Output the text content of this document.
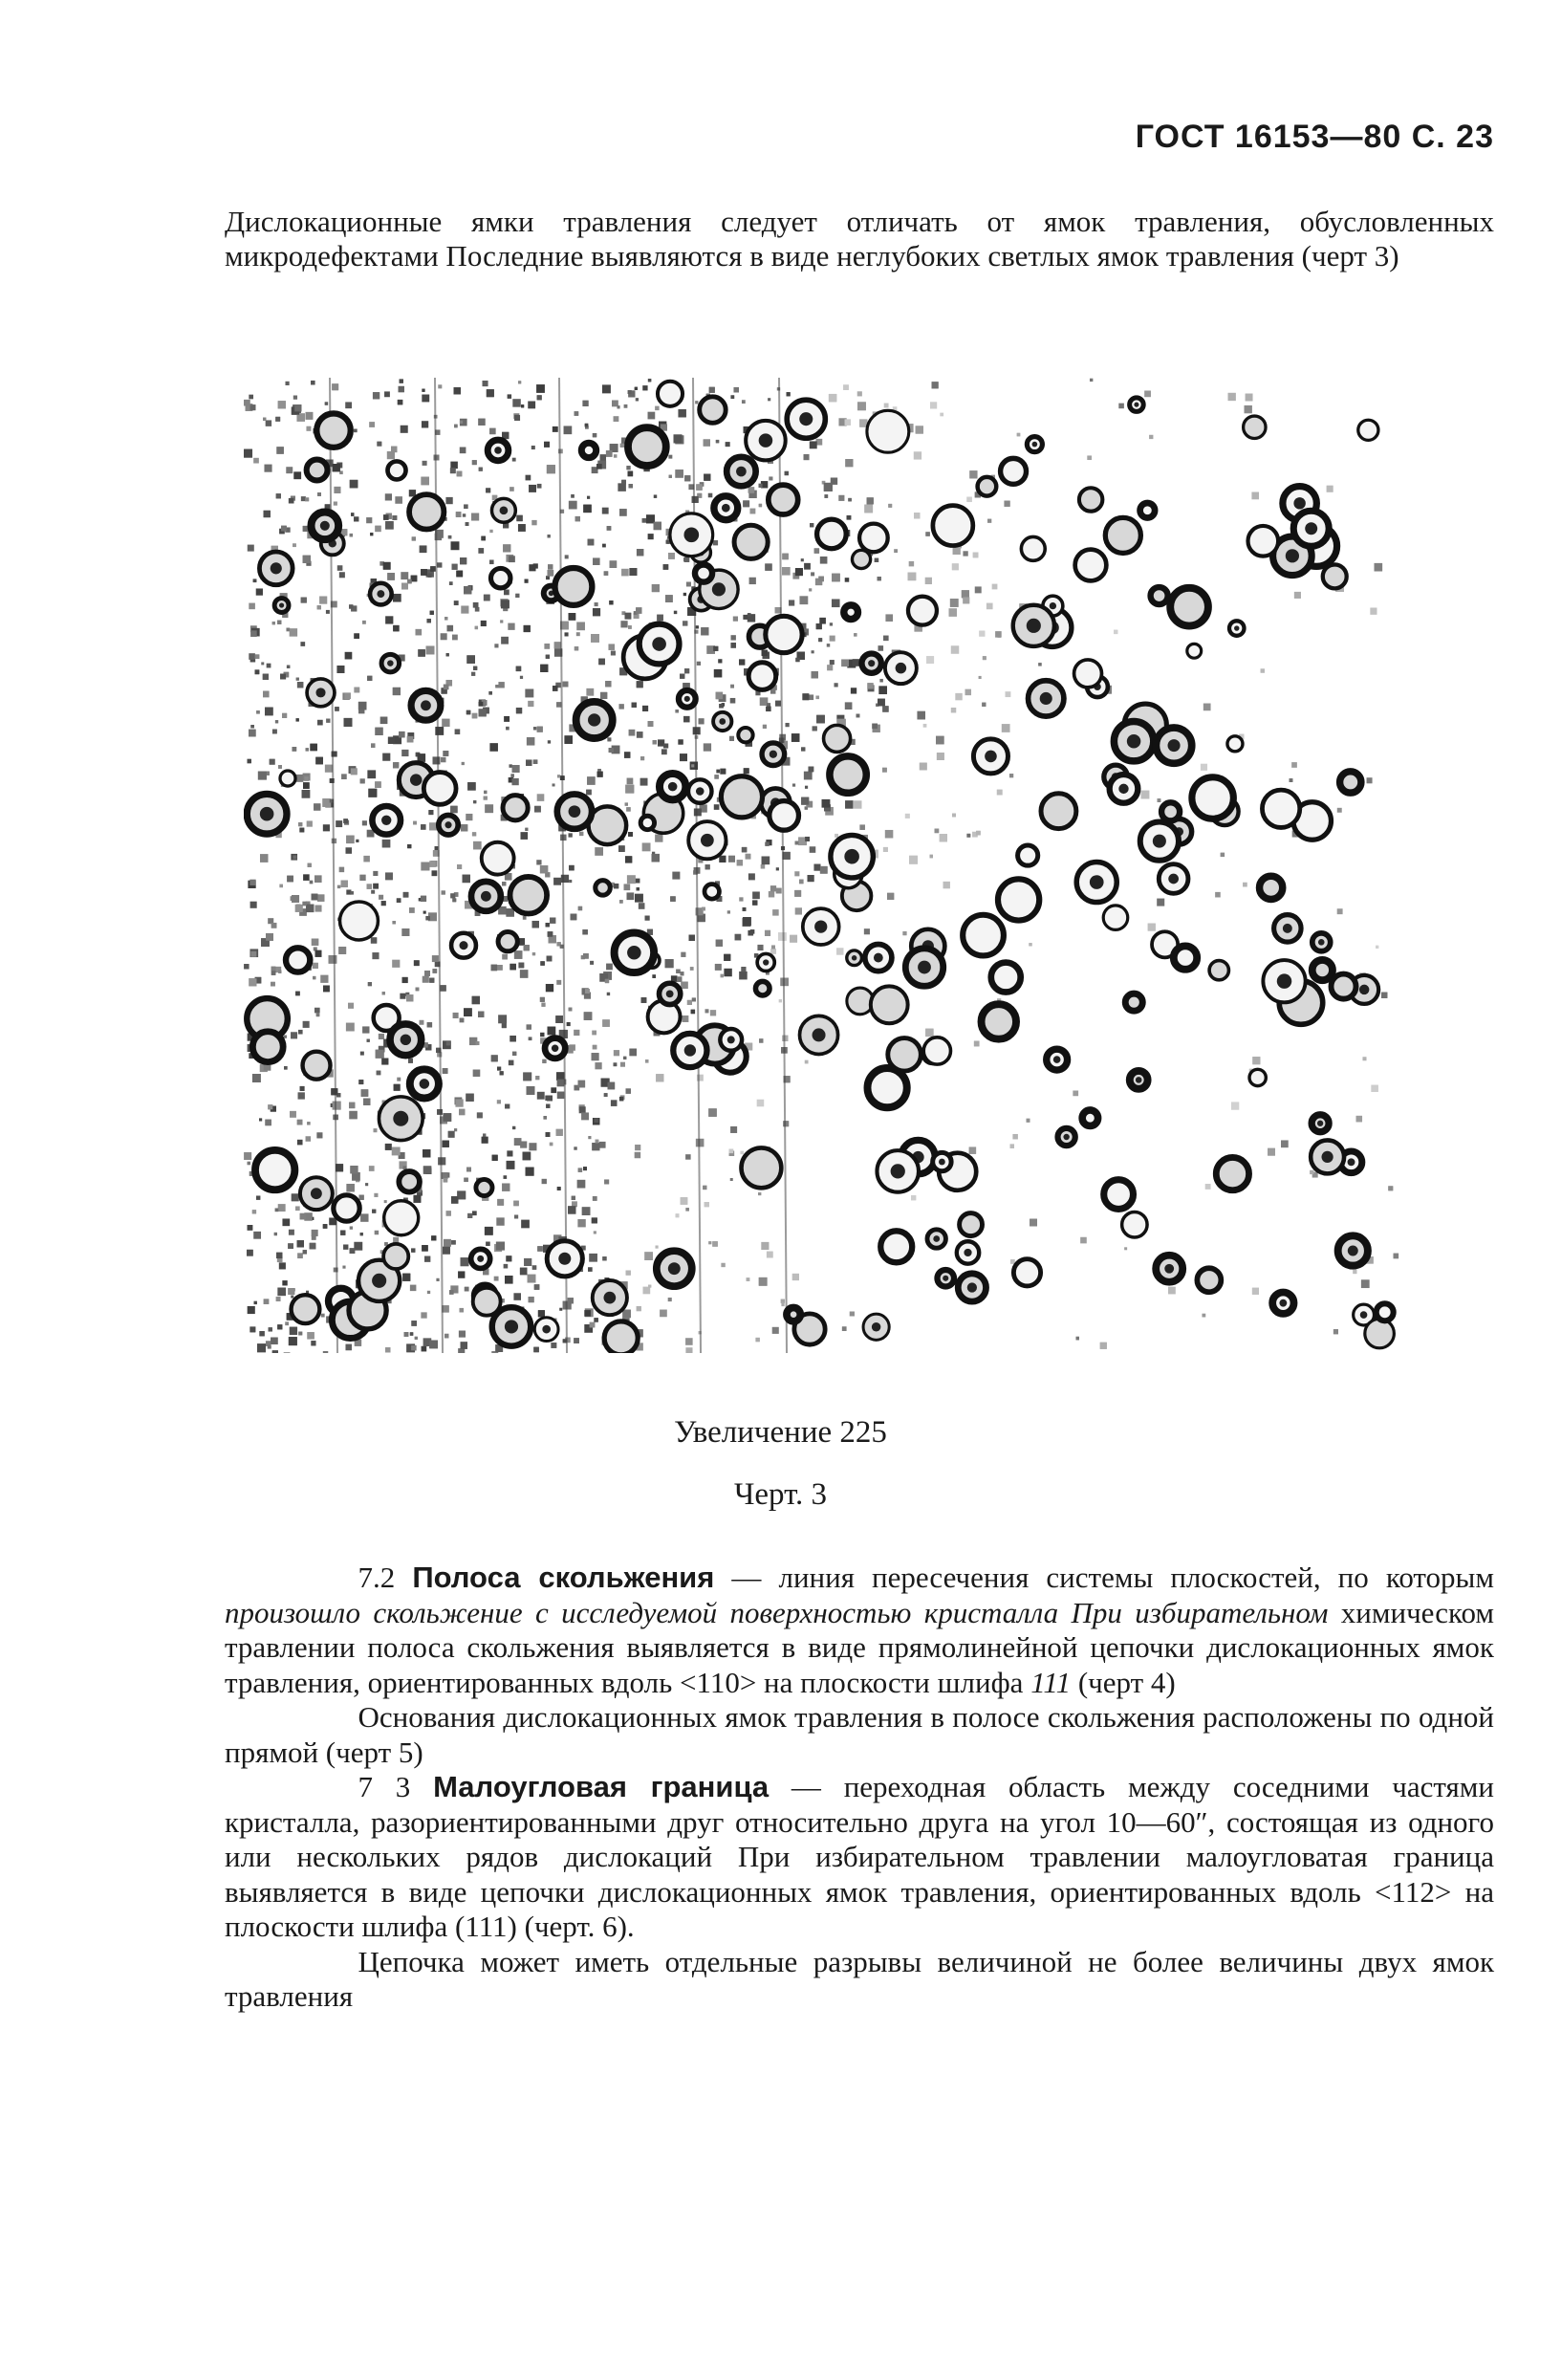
ГОСТ 16153—80 С. 23

Дислокационные ямки травления следует отличать от ямок травления, обусловленных микродефектами Последние выявляются в виде неглубоких светлых ямок травления (черт 3)

Увеличение 225
Черт. 3

7.2 Полоса скольжения — линия пересечения системы плоскостей, по которым произошло скольжение с исследуемой поверхностью кристалла При избирательном химическом травлении полоса скольжения выявляется в виде прямолинейной цепочки дислокационных ямок травления, ориентированных вдоль <110> на плоскости шлифа 111 (черт 4)

Основания дислокационных ямок травления в полосе скольжения расположены по одной прямой (черт 5)

7 3 Малоугловая граница — переходная область между соседними частями кристалла, разориентированными друг относительно друга на угол 10—60″, состоящая из одного или нескольких рядов дислокаций При избирательном травлении малоугловатая граница выявляется в виде цепочки дислокационных ямок травления, ориентированных вдоль <112> на плоскости шлифа (111) (черт. 6).

Цепочка может иметь отдельные разрывы величиной не более величины двух ямок травления
